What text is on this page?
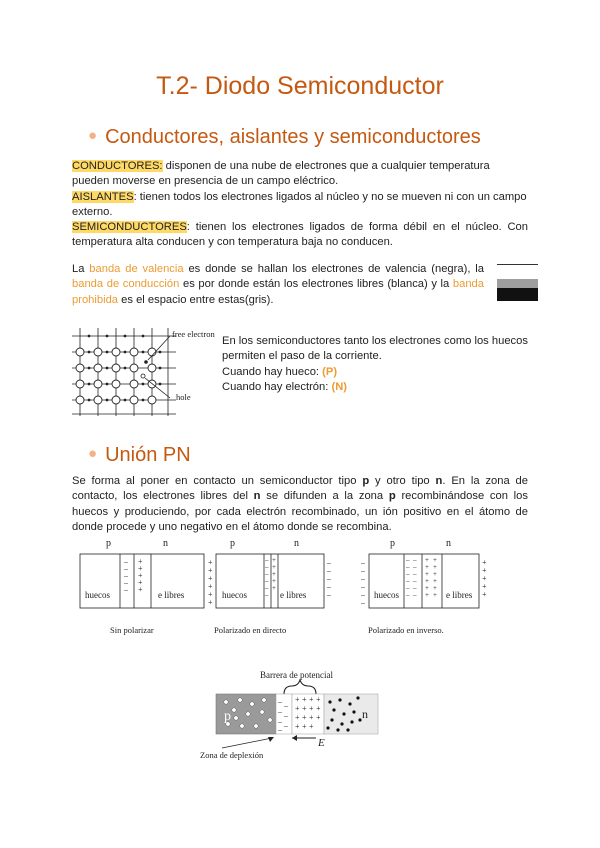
T.2- Diodo Semiconductor
● Conductores, aislantes y semiconductores
CONDUCTORES: disponen de una nube de electrones que a cualquier temperatura pueden moverse en presencia de un campo eléctrico.
AISLANTES: tienen todos los electrones ligados al núcleo y no se mueven ni con un campo externo.
SEMICONDUCTORES: tienen los electrones ligados de forma débil en el núcleo. Con temperatura alta conducen y con temperatura baja no conducen.
La banda de valencia es donde se hallan los electrones de valencia (negra), la banda de conducción es por donde están los electrones libres (blanca) y la banda prohibida es el espacio entre estas(gris).
free electron
hole
En los semiconductores tanto los electrones como los huecos permiten el paso de la corriente.
Cuando hay hueco: (P)
Cuando hay electrón: (N)
● Unión PN
Se forma al poner en contacto un semiconductor tipo p y otro tipo n. En la zona de contacto, los electrones libres del n se difunden a la zona p recombinándose con los huecos y produciendo, por cada electrón recombinado, un ión positivo en el átomo de donde procede y uno negativo en el átomo donde se recombina.
p	n
–
–
–
–
–
+
+
+
+
+
huecos	e libres
Sin polarizar
p	n
+
+
+
+
+
+
–
–
–
–
–
–
–
–
–
–
–
+
+
+
+
+
huecos	e libres
Polarizado en directo
p	n
–
–
–
–
–
–
+
+
+
+
+
–
–
–
–
–
–
–
–
–
–
–
–
+
+
+
+
+
+
+
+
+
+
+
+
huecos	e libres
Polarizado en inverso.
Barrera de potencial
–
–
–
–
–
–
–
+ + + +
+ + + +
+ + + +
+ + +
p	n
E
Zona de deplexión
